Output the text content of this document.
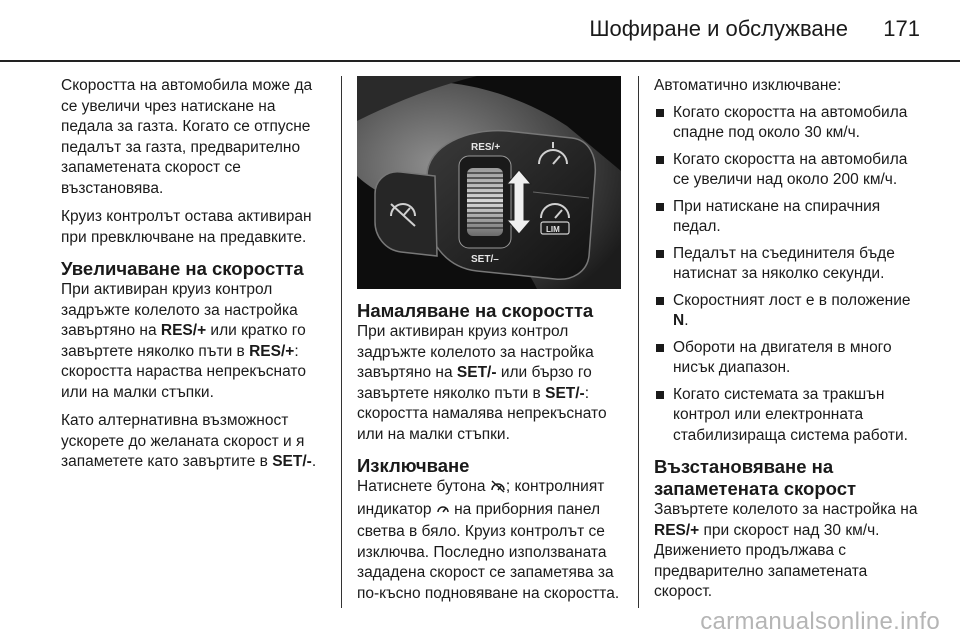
Шофиране и обслужване 171

Скоростта на автомобила може да се увеличи чрез натискане на педала за газта. Когато се отпусне педалът за газта, предварително запаметената скорост се възстановява.

Круиз контролът остава активиран при превключване на предавките.

Увеличаване на скоростта

При активиран круиз контрол задръжте колелото за настройка завъртяно на RES/+ или кратко го завъртете няколко пъти в RES/+: скоростта нараства непрекъснато или на малки стъпки.

Като алтернативна възможност ускорете до желаната скорост и я запаметете като завъртите в SET/-.

RES/+
SET/–
LIM
Намаляване на скоростта

При активиран круиз контрол задръжте колелото за настройка завъртяно на SET/- или бързо го завъртете няколко пъти в SET/-: скоростта намалява непрекъснато или на малки стъпки.

Изключване

Натиснете бутона ; контролният индикатор  на приборния панел светва в бяло. Круиз контролът се изключва. Последно използваната зададена скорост се запаметява за по-късно подновяване на скоростта.

Автоматично изключване:

Когато скоростта на автомобила спадне под около 30 км/ч.
Когато скоростта на автомобила се увеличи над около 200 км/ч.
При натискане на спирачния педал.
Педалът на съединителя бъде натиснат за няколко секунди.
Скоростният лост е в положение N.
Обороти на двигателя в много нисък диапазон.
Когато системата за тракшън контрол или електронната стабилизираща система работи.
Възстановяване на запаметената скорост

Завъртете колелото за настройка на RES/+ при скорост над 30 км/ч. Движението продължава с предварително запаметената скорост.

carmanualsonline.info
